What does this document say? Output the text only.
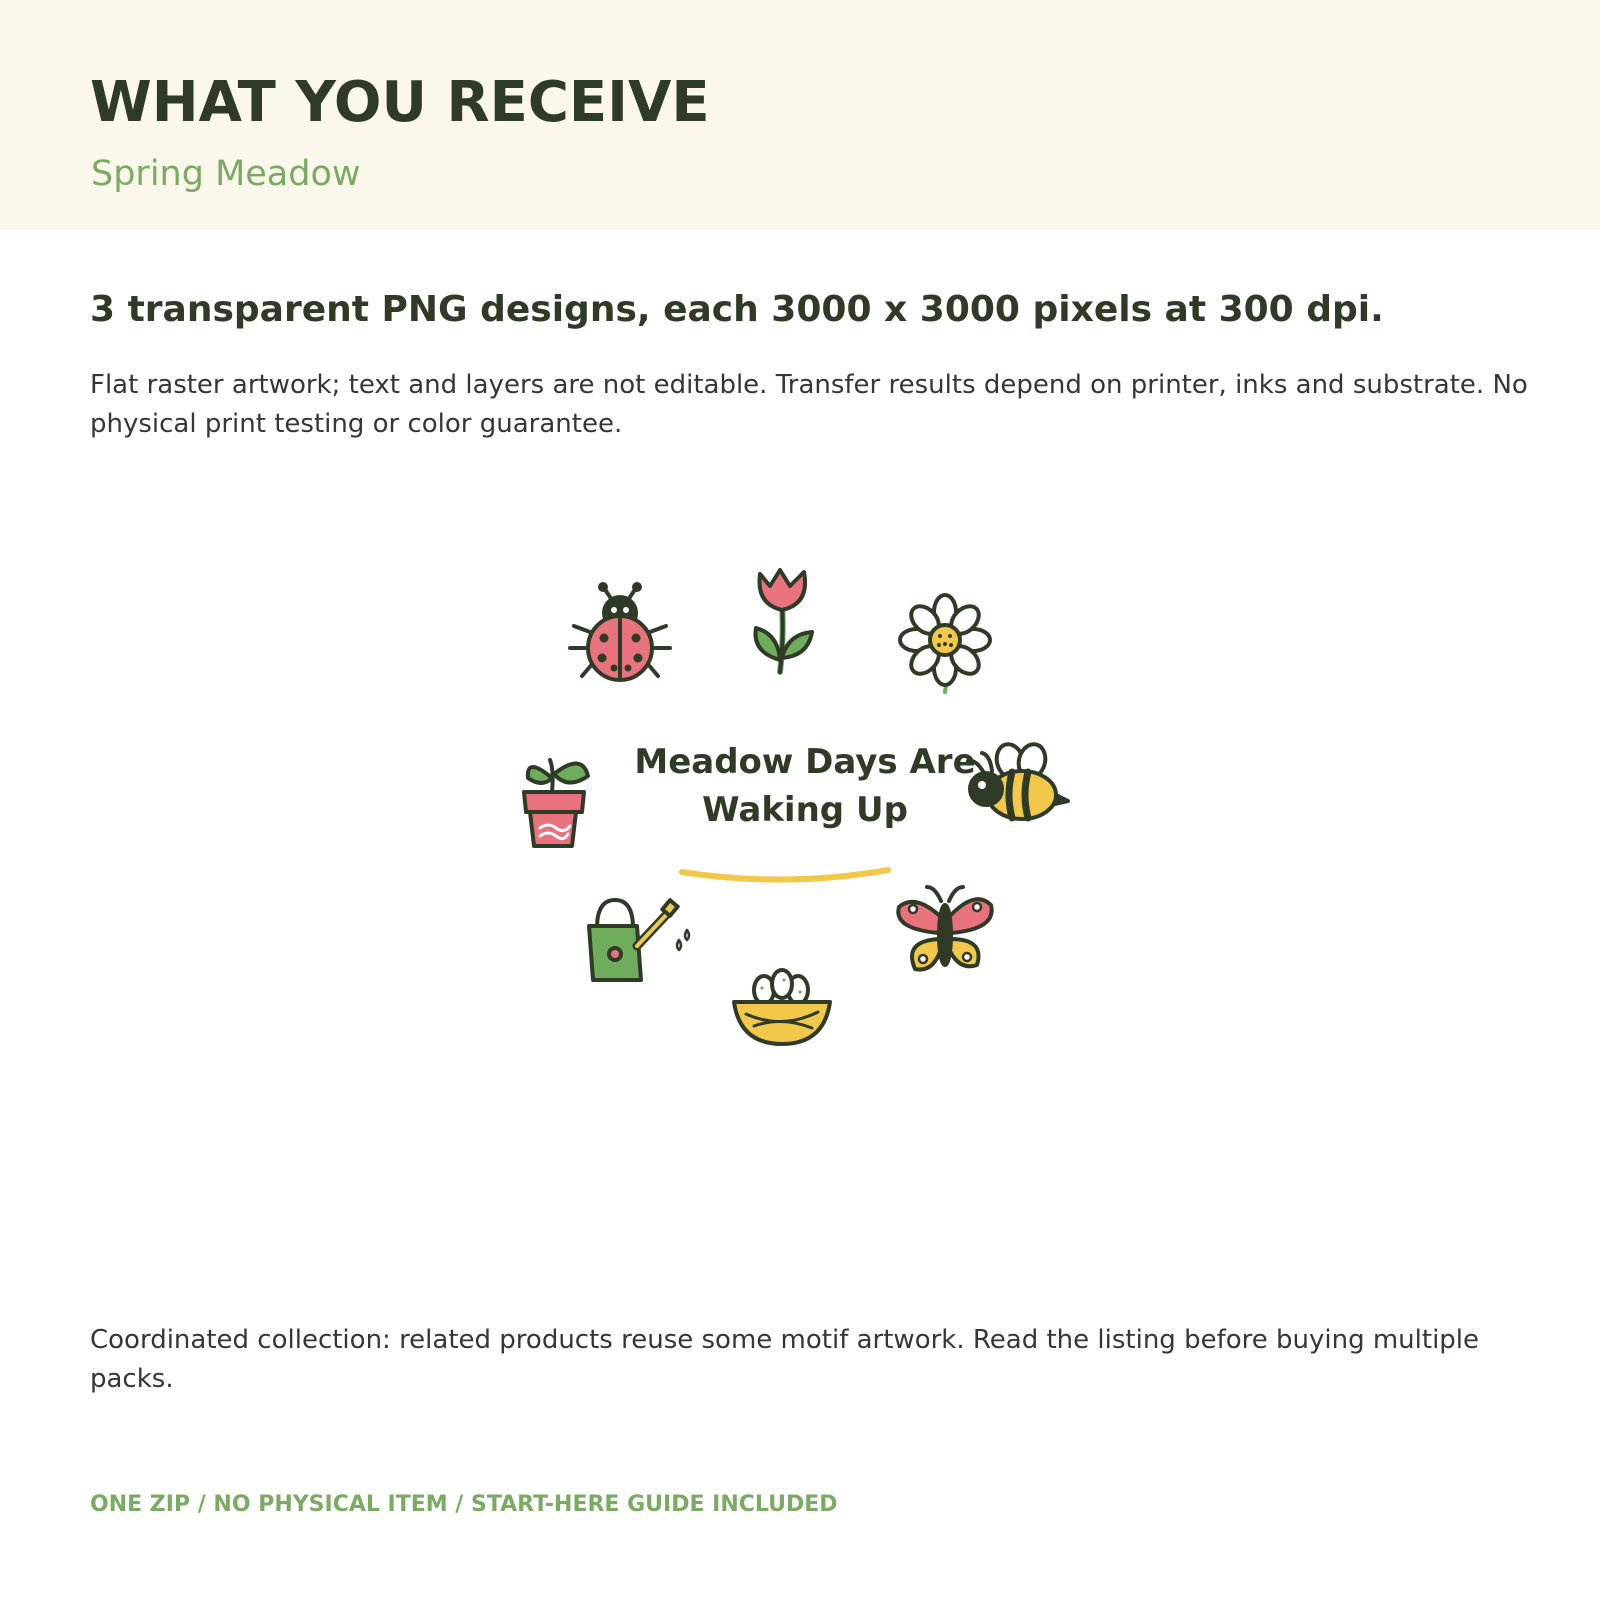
WHAT YOU RECEIVE

Spring Meadow

3 transparent PNG designs, each 3000 x 3000 pixels at 300 dpi.

Flat raster artwork; text and layers are not editable. Transfer results depend on printer, inks and substrate. No physical print testing or color guarantee.

Meadow Days Are
Waking Up

Coordinated collection: related products reuse some motif artwork. Read the listing before buying multiple packs.

ONE ZIP / NO PHYSICAL ITEM / START-HERE GUIDE INCLUDED
